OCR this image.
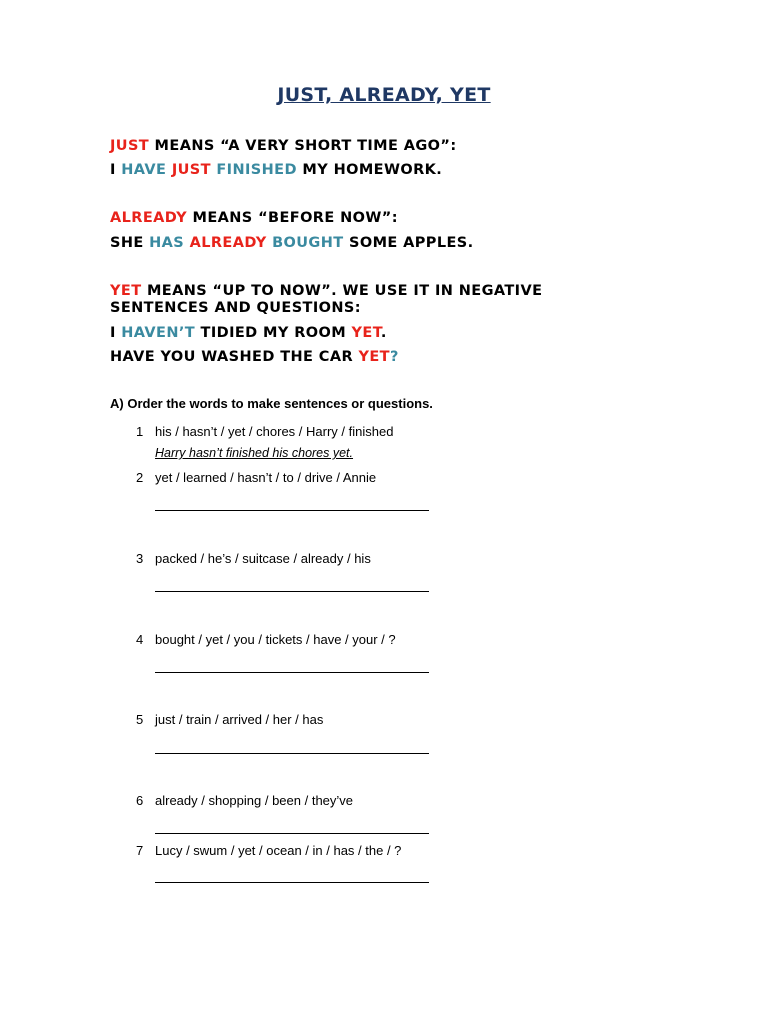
JUST, ALREADY, YET
JUST MEANS “A VERY SHORT TIME AGO”:
I HAVE JUST FINISHED MY HOMEWORK.
ALREADY MEANS “BEFORE NOW”:
SHE HAS ALREADY BOUGHT SOME APPLES.
YET MEANS “UP TO NOW”. WE USE IT IN NEGATIVE
SENTENCES AND QUESTIONS:
I HAVEN’T TIDIED MY ROOM YET.
HAVE YOU WASHED THE CAR YET?
A) Order the words to make sentences or questions.
1 his / hasn’t / yet / chores / Harry / finished
Harry hasn’t finished his chores yet.
2 yet / learned / hasn’t / to / drive / Annie
3 packed / he’s / suitcase / already / his
4 bought / yet / you / tickets / have / your / ?
5 just / train / arrived / her / has
6 already / shopping / been / they’ve
7 Lucy / swum / yet / ocean / in / has / the / ?
